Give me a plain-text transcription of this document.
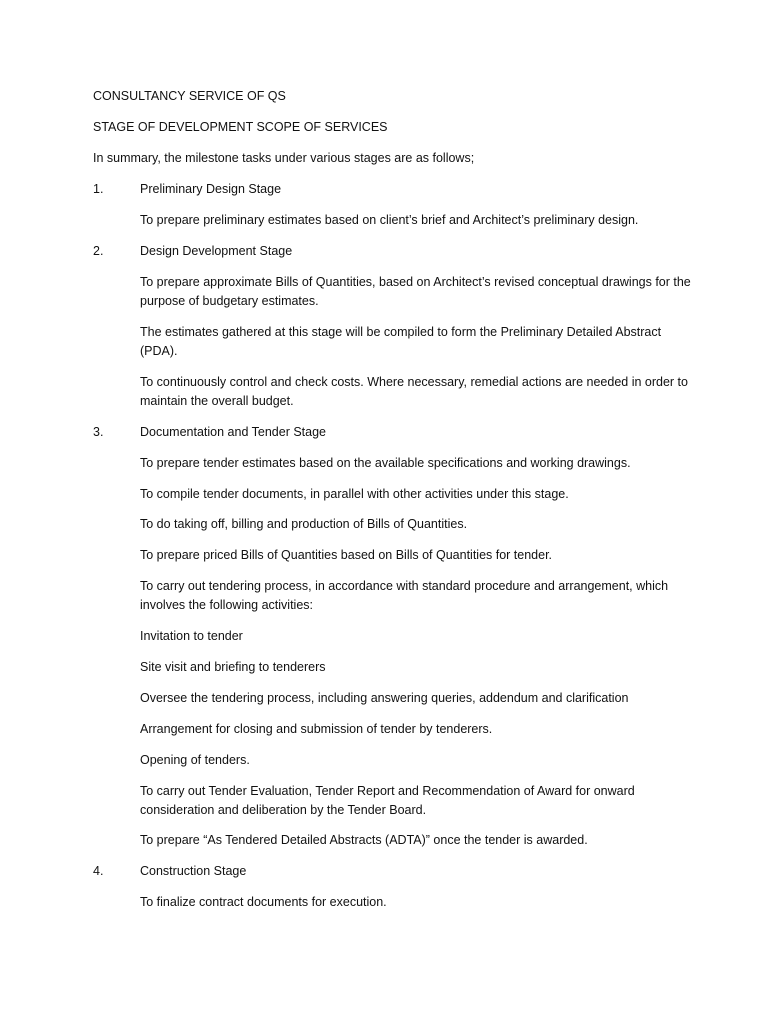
CONSULTANCY SERVICE OF QS
STAGE OF DEVELOPMENT SCOPE OF SERVICES
In summary, the milestone tasks under various stages are as follows;
1.	Preliminary Design Stage
To prepare preliminary estimates based on client’s brief and Architect’s preliminary design.
2.	Design Development Stage
To prepare approximate Bills of Quantities, based on Architect’s revised conceptual drawings for the purpose of budgetary estimates.
The estimates gathered at this stage will be compiled to form the Preliminary Detailed Abstract (PDA).
To continuously control and check costs. Where necessary, remedial actions are needed in order to maintain the overall budget.
3.	Documentation and Tender Stage
To prepare tender estimates based on the available specifications and working drawings.
To compile tender documents, in parallel with other activities under this stage.
To do taking off, billing and production of Bills of Quantities.
To prepare priced Bills of Quantities based on Bills of Quantities for tender.
To carry out tendering process, in accordance with standard procedure and arrangement, which involves the following activities:
Invitation to tender
Site visit and briefing to tenderers
Oversee the tendering process, including answering queries, addendum and clarification
Arrangement for closing and submission of tender by tenderers.
Opening of tenders.
To carry out Tender Evaluation, Tender Report and Recommendation of Award for onward consideration and deliberation by the Tender Board.
To prepare “As Tendered Detailed Abstracts (ADTA)” once the tender is awarded.
4.	Construction Stage
To finalize contract documents for execution.
